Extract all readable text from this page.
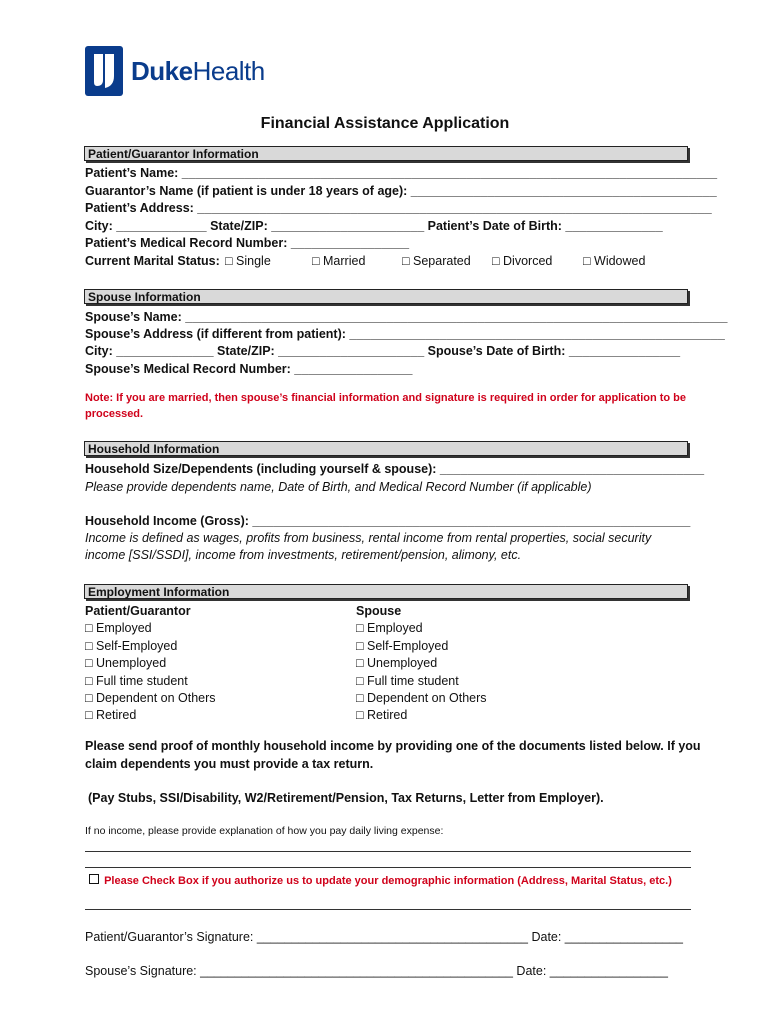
DukeHealth
Financial Assistance Application
Patient/Guarantor Information
Patient’s Name: _____________________________________________________________________________
Guarantor’s Name (if patient is under 18 years of age): ____________________________________________
Patient’s Address: __________________________________________________________________________
City: _____________ State/ZIP: ______________________ Patient’s Date of Birth: ______________
Patient’s Medical Record Number: _________________
Current Marital Status: □ Single	□ Married	□ Separated □ Divorced □ Widowed
Spouse Information
Spouse’s Name: ______________________________________________________________________________
Spouse’s Address (if different from patient): ______________________________________________________
City: ______________ State/ZIP: _____________________ Spouse’s Date of Birth: ________________
Spouse’s Medical Record Number: _________________
Note: If you are married, then spouse’s financial information and signature is required in order for application to be
processed.
Household Information
Household Size/Dependents (including yourself & spouse): ______________________________________
Please provide dependents name, Date of Birth, and Medical Record Number (if applicable)
Household Income (Gross): _______________________________________________________________
Income is defined as wages, profits from business, rental income from rental properties, social security
income [SSI/SSDI], income from investments, retirement/pension, alimony, etc.
Employment Information
Patient/Guarantor
□ Employed
□ Self-Employed
□ Unemployed
□ Full time student
□ Dependent on Others
□ Retired
Spouse
□ Employed
□ Self-Employed
□ Unemployed
□ Full time student
□ Dependent on Others
□ Retired
Please send proof of monthly household income by providing one of the documents listed below. If you
claim dependents you must provide a tax return.
(Pay Stubs, SSI/Disability, W2/Retirement/Pension, Tax Returns, Letter from Employer).
If no income, please provide explanation of how you pay daily living expense:
Please Check Box if you authorize us to update your demographic information (Address, Marital Status, etc.)
Patient/Guarantor’s Signature: _______________________________________ Date: _________________
Spouse’s Signature: _____________________________________________ Date: _________________
